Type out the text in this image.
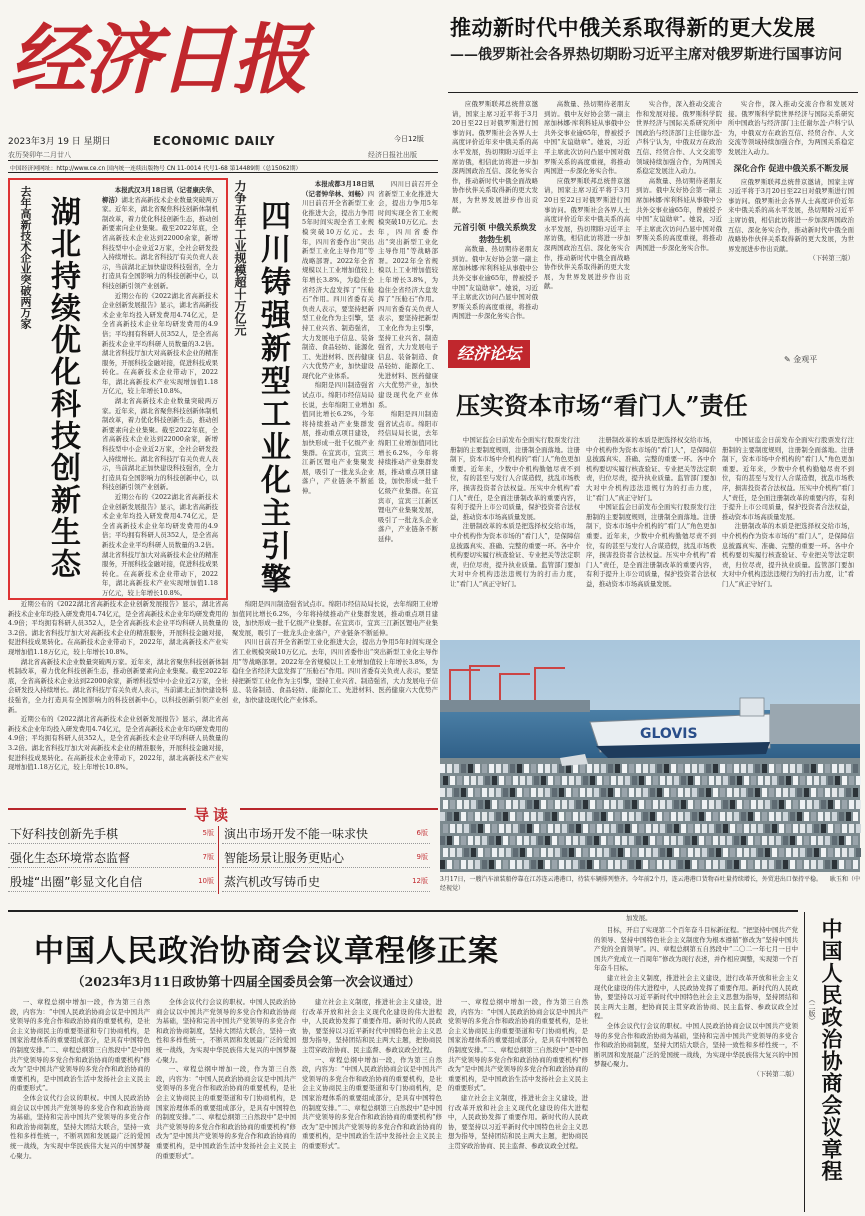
经济日报
2023年3月 19 日 星期日	ECONOMIC DAILY	今日12版
农历癸卯年二月廿八	经济日报社出版
中国经济网网址：http://www.ce.cn 国内统一连续出版物号 CN 11-0014 代号1-68 第14489期（总15062期）
推动新时代中俄关系取得新的更大发展
——俄罗斯社会各界热切期盼习近平主席对俄罗斯进行国事访问

应俄罗斯联邦总统普京邀请，国家主席习近平将于3月20日至22日对俄罗斯进行国事访问。俄罗斯社会各界人士高度评价近年来中俄关系的高水平发展，热切期盼习近平主席访俄，相信此访将进一步加深两国政治互信、深化务实合作，推动新时代中俄全面战略协作伙伴关系取得新的更大发展，为世界发展进步作出贡献。

元首引领 中俄关系焕发勃勃生机

高数量、热切期待老朋友到访。俄中友好协会第一副主席加林娜·库利科娃从事俄中公共外交事业逾65年，曾被授予中国“友谊勋章”。她说，习近平主席此次访问凸显中国对俄罗斯关系的高度重视，将推动两国进一步深化务实合作。

高数量、热切期待老朋友到访。俄中友好协会第一副主席加林娜·库利科娃从事俄中公共外交事业逾65年，曾被授予中国“友谊勋章”。她说，习近平主席此次访问凸显中国对俄罗斯关系的高度重视，将推动两国进一步深化务实合作。

应俄罗斯联邦总统普京邀请，国家主席习近平将于3月20日至22日对俄罗斯进行国事访问。俄罗斯社会各界人士高度评价近年来中俄关系的高水平发展，热切期盼习近平主席访俄，相信此访将进一步加深两国政治互信、深化务实合作，推动新时代中俄全面战略协作伙伴关系取得新的更大发展，为世界发展进步作出贡献。

实合作，深入推动交流合作和发展对接。俄罗斯科学院世界经济与国际关系研究所中国政治与经济部门主任谢尔盖·卢科宁认为，中俄双方在政治互信、经贸合作、人文交流等领域持续加强合作，为两国关系稳定发展注入动力。

高数量、热切期待老朋友到访。俄中友好协会第一副主席加林娜·库利科娃从事俄中公共外交事业逾65年，曾被授予中国“友谊勋章”。她说，习近平主席此次访问凸显中国对俄罗斯关系的高度重视，将推动两国进一步深化务实合作。

实合作，深入推动交流合作和发展对接。俄罗斯科学院世界经济与国际关系研究所中国政治与经济部门主任谢尔盖·卢科宁认为，中俄双方在政治互信、经贸合作、人文交流等领域持续加强合作，为两国关系稳定发展注入动力。

深化合作 促进中俄关系不断发展

应俄罗斯联邦总统普京邀请，国家主席习近平将于3月20日至22日对俄罗斯进行国事访问。俄罗斯社会各界人士高度评价近年来中俄关系的高水平发展，热切期盼习近平主席访俄，相信此访将进一步加深两国政治互信、深化务实合作，推动新时代中俄全面战略协作伙伴关系取得新的更大发展，为世界发展进步作出贡献。

（下转第三版）
去年高新技术企业突破两万家 湖北持续优化科技创新生态

本报武汉3月18日讯（记者康庆华、柳洁）湖北省高新技术企业数量突破两万家。近年来，湖北省聚焦科技创新体制机制改革，着力优化科技创新生态，推动创新要素向企业集聚。截至2022年底，全省高新技术企业达到22000余家，新增科技型中小企业近2万家，全社会研发投入持续增长。湖北省科技厅有关负责人表示，当前湖北正加快建设科技强省，全力打造具有全国影响力的科技创新中心，以科技创新引领产业创新。

近期公布的《2022湖北省高新技术企业创新发展报告》显示，湖北省高新技术企业年均投入研发费用4.74亿元，是全省高新技术企业年均研发费用的4.9倍；平均拥有科研人员352人，是全省高新技术企业平均科研人员数量的3.2倍。湖北省科技厅加大对高新技术企业的精准服务，开展科技金融对接，促进科技成果转化。在高新技术企业带动下，2022年，湖北高新技术产业实现增加值1.18万亿元，较上年增长10.8%。

湖北省高新技术企业数量突破两万家。近年来，湖北省聚焦科技创新体制机制改革，着力优化科技创新生态，推动创新要素向企业集聚。截至2022年底，全省高新技术企业达到22000余家，新增科技型中小企业近2万家，全社会研发投入持续增长。湖北省科技厅有关负责人表示，当前湖北正加快建设科技强省，全力打造具有全国影响力的科技创新中心，以科技创新引领产业创新。

近期公布的《2022湖北省高新技术企业创新发展报告》显示，湖北省高新技术企业年均投入研发费用4.74亿元，是全省高新技术企业年均研发费用的4.9倍；平均拥有科研人员352人，是全省高新技术企业平均科研人员数量的3.2倍。湖北省科技厅加大对高新技术企业的精准服务，开展科技金融对接，促进科技成果转化。在高新技术企业带动下，2022年，湖北高新技术产业实现增加值1.18万亿元，较上年增长10.8%。

近期公布的《2022湖北省高新技术企业创新发展报告》显示，湖北省高新技术企业年均投入研发费用4.74亿元，是全省高新技术企业年均研发费用的4.9倍；平均拥有科研人员352人，是全省高新技术企业平均科研人员数量的3.2倍。湖北省科技厅加大对高新技术企业的精准服务，开展科技金融对接，促进科技成果转化。在高新技术企业带动下，2022年，湖北高新技术产业实现增加值1.18万亿元，较上年增长10.8%。

湖北省高新技术企业数量突破两万家。近年来，湖北省聚焦科技创新体制机制改革，着力优化科技创新生态，推动创新要素向企业集聚。截至2022年底，全省高新技术企业达到22000余家，新增科技型中小企业近2万家，全社会研发投入持续增长。湖北省科技厅有关负责人表示，当前湖北正加快建设科技强省，全力打造具有全国影响力的科技创新中心，以科技创新引领产业创新。

近期公布的《2022湖北省高新技术企业创新发展报告》显示，湖北省高新技术企业年均投入研发费用4.74亿元，是全省高新技术企业年均研发费用的4.9倍；平均拥有科研人员352人，是全省高新技术企业平均科研人员数量的3.2倍。湖北省科技厅加大对高新技术企业的精准服务，开展科技金融对接，促进科技成果转化。在高新技术企业带动下，2022年，湖北高新技术产业实现增加值1.18万亿元，较上年增长10.8%。

力争五年工业规模超十万亿元 四川铸强新型工业化主引擎

本报成都3月18日讯（记者钟华林、刘畅）四川日前召开全省新型工业化推进大会，提出力争用5年时间实现全省工业规模突破10万亿元。去年，四川省委作出“突出新型工业化主导作用”等战略部署。2022年全省规模以上工业增加值较上年增长3.8%，为稳住全省经济大盘发挥了“压舱石”作用。四川省委有关负责人表示，要坚持把新型工业化作为主引擎，坚持工业兴省、制造强省，大力发展电子信息、装备制造、食品轻纺、能源化工、先进材料、医药健康六大优势产业，加快建设现代化产业体系。

绵阳是四川制造强省试点市。绵阳市经信局局长说，去年绵阳工业增加值同比增长6.2%，今年将持续推动产业集群发展，推动重点项目建设，加快形成一批千亿级产业集群。在宜宾市，宜宾三江新区锂电产业集聚发展，吸引了一批龙头企业落户，产业链条不断延伸。

四川日前召开全省新型工业化推进大会，提出力争用5年时间实现全省工业规模突破10万亿元。去年，四川省委作出“突出新型工业化主导作用”等战略部署。2022年全省规模以上工业增加值较上年增长3.8%，为稳住全省经济大盘发挥了“压舱石”作用。四川省委有关负责人表示，要坚持把新型工业化作为主引擎，坚持工业兴省、制造强省，大力发展电子信息、装备制造、食品轻纺、能源化工、先进材料、医药健康六大优势产业，加快建设现代化产业体系。

绵阳是四川制造强省试点市。绵阳市经信局局长说，去年绵阳工业增加值同比增长6.2%，今年将持续推动产业集群发展，推动重点项目建设，加快形成一批千亿级产业集群。在宜宾市，宜宾三江新区锂电产业集聚发展，吸引了一批龙头企业落户，产业链条不断延伸。

绵阳是四川制造强省试点市。绵阳市经信局局长说，去年绵阳工业增加值同比增长6.2%，今年将持续推动产业集群发展，推动重点项目建设，加快形成一批千亿级产业集群。在宜宾市，宜宾三江新区锂电产业集聚发展，吸引了一批龙头企业落户，产业链条不断延伸。

四川日前召开全省新型工业化推进大会，提出力争用5年时间实现全省工业规模突破10万亿元。去年，四川省委作出“突出新型工业化主导作用”等战略部署。2022年全省规模以上工业增加值较上年增长3.8%，为稳住全省经济大盘发挥了“压舱石”作用。四川省委有关负责人表示，要坚持把新型工业化作为主引擎，坚持工业兴省、制造强省，大力发展电子信息、装备制造、食品轻纺、能源化工、先进材料、医药健康六大优势产业，加快建设现代化产业体系。

经济论坛	✎ 金观平
压实资本市场“看门人”责任

中国证监会日前发布全面实行股票发行注册制的主要制度规则，注册制全面落地。注册制下，资本市场中介机构的“看门人”角色更加重要。近年来，少数中介机构勤勉尽责不到位，有的甚至与发行人合谋造假，扰乱市场秩序，损害投资者合法权益。压实中介机构“看门人”责任，是全面注册制改革的重要内容，有利于提升上市公司质量，保护投资者合法权益，推动资本市场高质量发展。

注册制改革的本质是把选择权交给市场，中介机构作为资本市场的“看门人”，是保障信息披露真实、准确、完整的重要一环。各中介机构要切实履行核查验证、专业把关等法定职责，归位尽责，提升执业质量。监管部门要加大对中介机构违法违规行为的打击力度，让“看门人”真正守好门。

注册制改革的本质是把选择权交给市场，中介机构作为资本市场的“看门人”，是保障信息披露真实、准确、完整的重要一环。各中介机构要切实履行核查验证、专业把关等法定职责，归位尽责，提升执业质量。监管部门要加大对中介机构违法违规行为的打击力度，让“看门人”真正守好门。

中国证监会日前发布全面实行股票发行注册制的主要制度规则，注册制全面落地。注册制下，资本市场中介机构的“看门人”角色更加重要。近年来，少数中介机构勤勉尽责不到位，有的甚至与发行人合谋造假，扰乱市场秩序，损害投资者合法权益。压实中介机构“看门人”责任，是全面注册制改革的重要内容，有利于提升上市公司质量，保护投资者合法权益，推动资本市场高质量发展。

中国证监会日前发布全面实行股票发行注册制的主要制度规则，注册制全面落地。注册制下，资本市场中介机构的“看门人”角色更加重要。近年来，少数中介机构勤勉尽责不到位，有的甚至与发行人合谋造假，扰乱市场秩序，损害投资者合法权益。压实中介机构“看门人”责任，是全面注册制改革的重要内容，有利于提升上市公司质量，保护投资者合法权益，推动资本市场高质量发展。

注册制改革的本质是把选择权交给市场，中介机构作为资本市场的“看门人”，是保障信息披露真实、准确、完整的重要一环。各中介机构要切实履行核查验证、专业把关等法定职责，归位尽责，提升执业质量。监管部门要加大对中介机构违法违规行为的打击力度，让“看门人”真正守好门。

GLOVIS
3月17日，一艘汽车滚装船停靠在江苏连云港港口，待装车辆排列整齐。今年前2个月，连云港港口货物吞吐量持续增长，外贸进出口保持平稳。 耿玉和（中经视觉）
导读
下好科技创新先手棋	5版 演出市场开发不能一味求快	6版
强化生态环境常态监督	7版 智能场景让服务更贴心	9版
殷墟“出圈”彰显文化自信	10版 蒸汽机改写铸币史	12版
加发展。
中国人民政治协商会议章程修正案
（2023年3月11日政协第十四届全国委员会第一次会议通过）

一、章程总纲中增加一段，作为第三自然段，内容为：“中国人民政治协商会议是中国共产党领导的多党合作和政治协商的重要机构，是社会主义协商民主的重要渠道和专门协商机构，是国家治理体系的重要组成部分，是具有中国特色的制度安排。”二、章程总纲第三自然段中“是中国共产党领导的多党合作和政治协商的重要机构”修改为“是中国共产党领导的多党合作和政治协商的重要机构，是中国政治生活中发扬社会主义民主的重要形式”。

全体会议代行会议的职权。中国人民政治协商会议以中国共产党领导的多党合作和政治协商为基础，坚持和完善中国共产党领导的多党合作和政治协商制度，坚持大团结大联合，坚持一致性和多样性统一，不断巩固和发展最广泛的爱国统一战线，为实现中华民族伟大复兴的中国梦凝心聚力。

全体会议代行会议的职权。中国人民政治协商会议以中国共产党领导的多党合作和政治协商为基础，坚持和完善中国共产党领导的多党合作和政治协商制度，坚持大团结大联合，坚持一致性和多样性统一，不断巩固和发展最广泛的爱国统一战线，为实现中华民族伟大复兴的中国梦凝心聚力。

一、章程总纲中增加一段，作为第三自然段，内容为：“中国人民政治协商会议是中国共产党领导的多党合作和政治协商的重要机构，是社会主义协商民主的重要渠道和专门协商机构，是国家治理体系的重要组成部分，是具有中国特色的制度安排。”二、章程总纲第三自然段中“是中国共产党领导的多党合作和政治协商的重要机构”修改为“是中国共产党领导的多党合作和政治协商的重要机构，是中国政治生活中发扬社会主义民主的重要形式”。

建立社会主义制度，推进社会主义建设，进行改革开放和社会主义现代化建设的伟大进程中，人民政协发挥了重要作用。新时代的人民政协，要坚持以习近平新时代中国特色社会主义思想为指导，坚持团结和民主两大主题，把协商民主贯穿政治协商、民主监督、参政议政全过程。

一、章程总纲中增加一段，作为第三自然段，内容为：“中国人民政治协商会议是中国共产党领导的多党合作和政治协商的重要机构，是社会主义协商民主的重要渠道和专门协商机构，是国家治理体系的重要组成部分，是具有中国特色的制度安排。”二、章程总纲第三自然段中“是中国共产党领导的多党合作和政治协商的重要机构”修改为“是中国共产党领导的多党合作和政治协商的重要机构，是中国政治生活中发扬社会主义民主的重要形式”。

一、章程总纲中增加一段，作为第三自然段，内容为：“中国人民政治协商会议是中国共产党领导的多党合作和政治协商的重要机构，是社会主义协商民主的重要渠道和专门协商机构，是国家治理体系的重要组成部分，是具有中国特色的制度安排。”二、章程总纲第三自然段中“是中国共产党领导的多党合作和政治协商的重要机构”修改为“是中国共产党领导的多党合作和政治协商的重要机构，是中国政治生活中发扬社会主义民主的重要形式”。

建立社会主义制度，推进社会主义建设，进行改革开放和社会主义现代化建设的伟大进程中，人民政协发挥了重要作用。新时代的人民政协，要坚持以习近平新时代中国特色社会主义思想为指导，坚持团结和民主两大主题，把协商民主贯穿政治协商、民主监督、参政议政全过程。

目标，开启了实现第二个百年奋斗目标新征程。“把坚持中国共产党的领导、坚持中国特色社会主义制度作为根本遵循”修改为“坚持中国共产党的全面领导”。四、章程总纲第五自然段中“二〇二一年七月一日中国共产党成立一百周年”修改为现行表述，并作相应调整，实现第一个百年奋斗目标。

建立社会主义制度，推进社会主义建设，进行改革开放和社会主义现代化建设的伟大进程中，人民政协发挥了重要作用。新时代的人民政协，要坚持以习近平新时代中国特色社会主义思想为指导，坚持团结和民主两大主题，把协商民主贯穿政治协商、民主监督、参政议政全过程。

全体会议代行会议的职权。中国人民政治协商会议以中国共产党领导的多党合作和政治协商为基础，坚持和完善中国共产党领导的多党合作和政治协商制度，坚持大团结大联合，坚持一致性和多样性统一，不断巩固和发展最广泛的爱国统一战线，为实现中华民族伟大复兴的中国梦凝心聚力。

（下转第二版） 中国人民政治协商会议章程
（二版）
